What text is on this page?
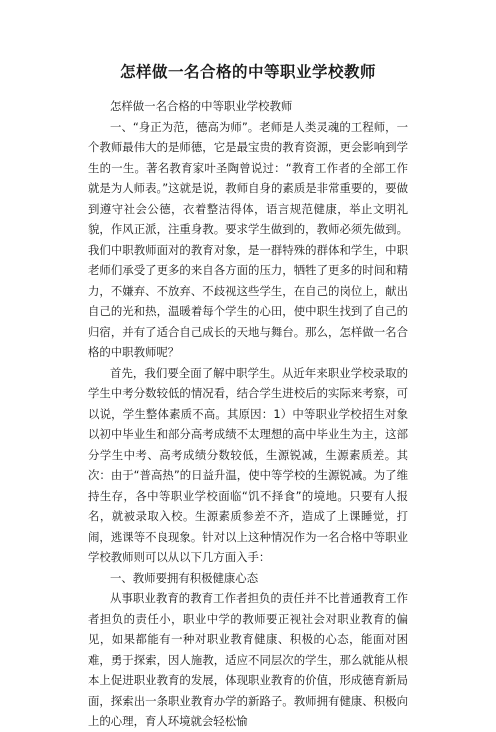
怎样做一名合格的中等职业学校教师

怎样做一名合格的中等职业学校教师

一、“身正为范，德高为师”。老师是人类灵魂的工程师，一个教师最伟大的是师德，它是最宝贵的教育资源，更会影响到学生的一生。著名教育家叶圣陶曾说过：“教育工作者的全部工作就是为人师表。”这就是说，教师自身的素质是非常重要的，要做到遵守社会公德，衣着整洁得体，语言规范健康，举止文明礼貌，作风正派，注重身教。要求学生做到的，教师必须先做到。我们中职教师面对的教育对象，是一群特殊的群体和学生，中职老师们承受了更多的来自各方面的压力，牺牲了更多的时间和精力，不嫌弃、不放弃、不歧视这些学生，在自己的岗位上，献出自己的光和热，温暖着每个学生的心田，使中职生找到了自己的归宿，并有了适合自己成长的天地与舞台。那么，怎样做一名合格的中职教师呢？

首先，我们要全面了解中职学生。从近年来职业学校录取的学生中考分数较低的情况看，结合学生进校后的实际来考察，可以说，学生整体素质不高。其原因：1）中等职业学校招生对象以初中毕业生和部分高考成绩不太理想的高中毕业生为主，这部分学生中考、高考成绩分数较低，生源锐减，生源素质差。其次：由于“普高热”的日益升温，使中等学校的生源锐减。为了维持生存，各中等职业学校面临“饥不择食”的境地。只要有人报名，就被录取入校。生源素质参差不齐，造成了上课睡觉，打闹，逃课等不良现象。针对以上这种情况作为一名合格中等职业学校教师则可以从以下几方面入手：

一、教师要拥有积极健康心态

从事职业教育的教育工作者担负的责任并不比普通教育工作者担负的责任小，职业中学的教师要正视社会对职业教育的偏见，如果都能有一种对职业教育健康、积极的心态，能面对困难，勇于探索，因人施教，适应不同层次的学生，那么就能从根本上促进职业教育的发展，体现职业教育的价值，形成德育新局面，探索出一条职业教育办学的新路子。教师拥有健康、积极向上的心理，育人环境就会轻松愉
